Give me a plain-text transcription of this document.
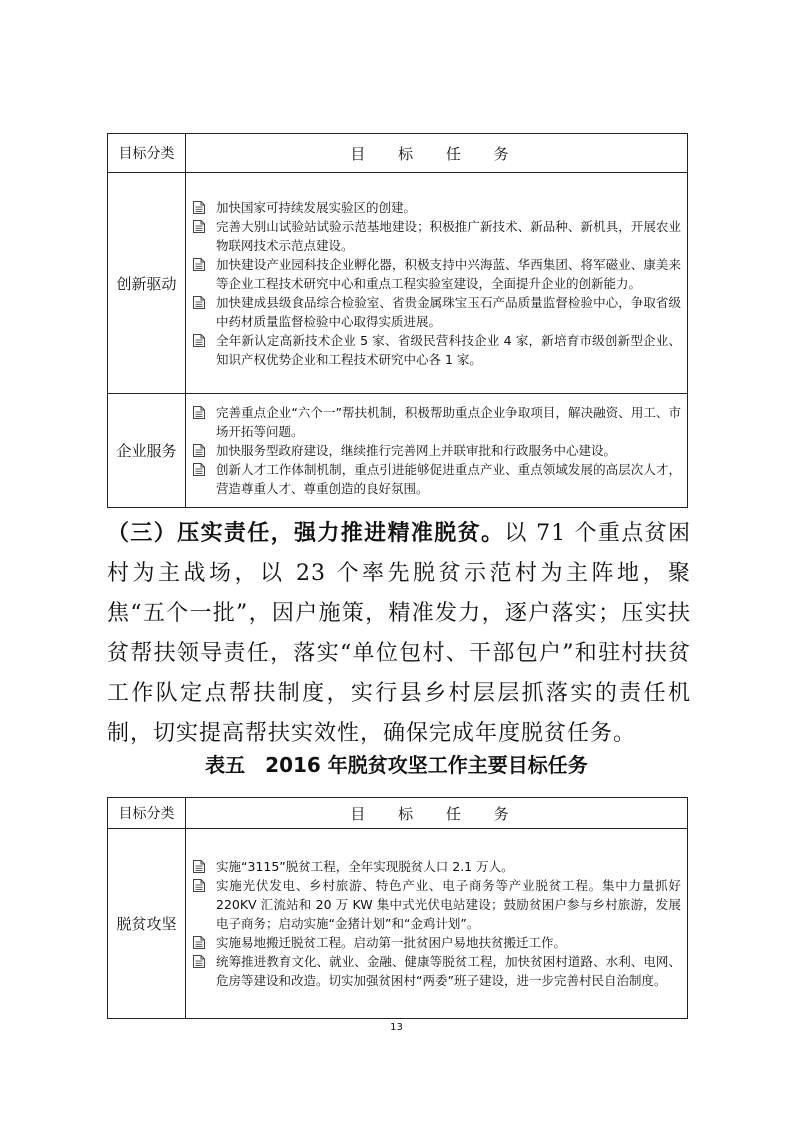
目标分类	目 标 任 务
创新驱动	加快国家可持续发展实验区的创建。

完善大别山试验站试验示范基地建设；积极推广新技术、新品种、新机具，开展农业物联网技术示范点建设。

加快建设产业园科技企业孵化器，积极支持中兴海蓝、华西集团、将军磁业、康美来等企业工程技术研究中心和重点工程实验室建设，全面提升企业的创新能力。

加快建成县级食品综合检验室、省贵金属珠宝玉石产品质量监督检验中心，争取省级中药材质量监督检验中心取得实质进展。

全年新认定高新技术企业 5 家、省级民营科技企业 4 家，新培育市级创新型企业、知识产权优势企业和工程技术研究中心各 1 家。

企业服务	完善重点企业“六个一”帮扶机制，积极帮助重点企业争取项目，解决融资、用工、市场开拓等问题。

加快服务型政府建设，继续推行完善网上并联审批和行政服务中心建设。

创新人才工作体制机制，重点引进能够促进重点产业、重点领域发展的高层次人才，营造尊重人才、尊重创造的良好氛围。

（三）压实责任，强力推进精准脱贫。以 71 个重点贫困村为主战场，以 23 个率先脱贫示范村为主阵地，聚焦“五个一批”，因户施策，精准发力，逐户落实；压实扶贫帮扶领导责任，落实“单位包村、干部包户”和驻村扶贫工作队定点帮扶制度，实行县乡村层层抓落实的责任机制，切实提高帮扶实效性，确保完成年度脱贫任务。

表五　2016 年脱贫攻坚工作主要目标任务
目标分类	目 标 任 务
脱贫攻坚	实施“3115”脱贫工程，全年实现脱贫人口 2.1 万人。

实施光伏发电、乡村旅游、特色产业、电子商务等产业脱贫工程。集中力量抓好 220KV 汇流站和 20 万 KW 集中式光伏电站建设；鼓励贫困户参与乡村旅游，发展电子商务；启动实施“金猪计划”和“金鸡计划”。

实施易地搬迁脱贫工程。启动第一批贫困户易地扶贫搬迁工作。

统筹推进教育文化、就业、金融、健康等脱贫工程，加快贫困村道路、水利、电网、危房等建设和改造。切实加强贫困村“两委”班子建设，进一步完善村民自治制度。

13
